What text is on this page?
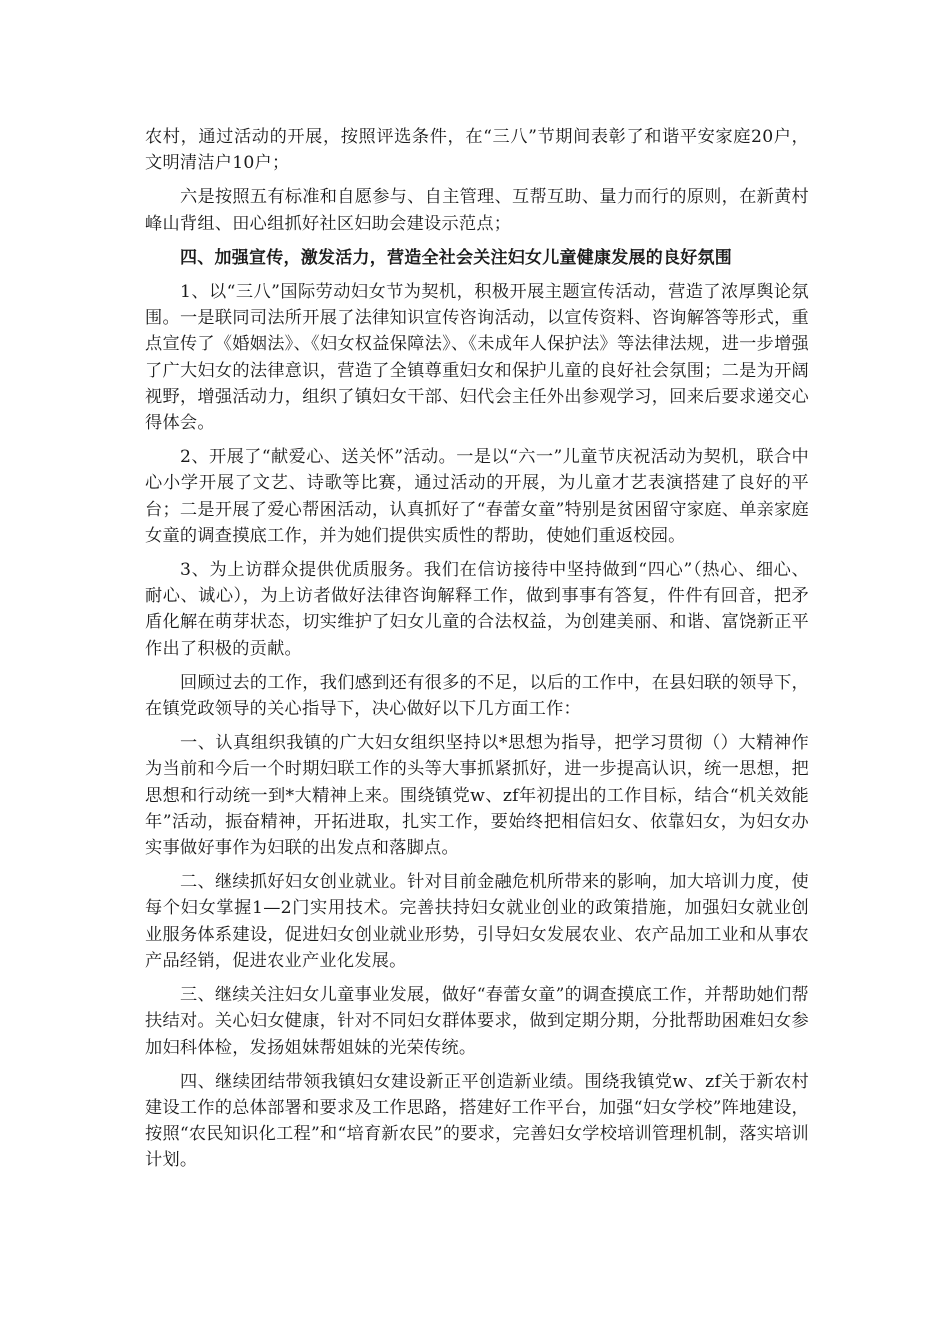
农村，通过活动的开展，按照评选条件，在“三八”节期间表彰了和谐平安家庭20户，文明清洁户10户；

六是按照五有标准和自愿参与、自主管理、互帮互助、量力而行的原则，在新黄村峰山背组、田心组抓好社区妇助会建设示范点；

四、加强宣传，激发活力，营造全社会关注妇女儿童健康发展的良好氛围

1、以“三八”国际劳动妇女节为契机，积极开展主题宣传活动，营造了浓厚舆论氛围。一是联同司法所开展了法律知识宣传咨询活动，以宣传资料、咨询解答等形式，重点宣传了《婚姻法》、《妇女权益保障法》、《未成年人保护法》等法律法规，进一步增强了广大妇女的法律意识，营造了全镇尊重妇女和保护儿童的良好社会氛围；二是为开阔视野，增强活动力，组织了镇妇女干部、妇代会主任外出参观学习，回来后要求递交心得体会。

2、开展了“献爱心、送关怀”活动。一是以“六一”儿童节庆祝活动为契机，联合中心小学开展了文艺、诗歌等比赛，通过活动的开展，为儿童才艺表演搭建了良好的平台；二是开展了爱心帮困活动，认真抓好了“春蕾女童”特别是贫困留守家庭、单亲家庭女童的调查摸底工作，并为她们提供实质性的帮助，使她们重返校园。

3、为上访群众提供优质服务。我们在信访接待中坚持做到“四心”（热心、细心、耐心、诚心），为上访者做好法律咨询解释工作，做到事事有答复，件件有回音，把矛盾化解在萌芽状态，切实维护了妇女儿童的合法权益，为创建美丽、和谐、富饶新正平作出了积极的贡献。

回顾过去的工作，我们感到还有很多的不足，以后的工作中，在县妇联的领导下，在镇党政领导的关心指导下，决心做好以下几方面工作：

一、认真组织我镇的广大妇女组织坚持以*思想为指导，把学习贯彻（）大精神作为当前和今后一个时期妇联工作的头等大事抓紧抓好，进一步提高认识，统一思想，把思想和行动统一到*大精神上来。围绕镇党w、zf年初提出的工作目标，结合“机关效能年”活动，振奋精神，开拓进取，扎实工作，要始终把相信妇女、依靠妇女，为妇女办实事做好事作为妇联的出发点和落脚点。

二、继续抓好妇女创业就业。针对目前金融危机所带来的影响，加大培训力度，使每个妇女掌握1—2门实用技术。完善扶持妇女就业创业的政策措施，加强妇女就业创业服务体系建设，促进妇女创业就业形势，引导妇女发展农业、农产品加工业和从事农产品经销，促进农业产业化发展。

三、继续关注妇女儿童事业发展，做好“春蕾女童”的调查摸底工作，并帮助她们帮扶结对。关心妇女健康，针对不同妇女群体要求，做到定期分期，分批帮助困难妇女参加妇科体检，发扬姐妹帮姐妹的光荣传统。

四、继续团结带领我镇妇女建设新正平创造新业绩。围绕我镇党w、zf关于新农村建设工作的总体部署和要求及工作思路，搭建好工作平台，加强“妇女学校”阵地建设，按照“农民知识化工程”和“培育新农民”的要求，完善妇女学校培训管理机制，落实培训计划。
